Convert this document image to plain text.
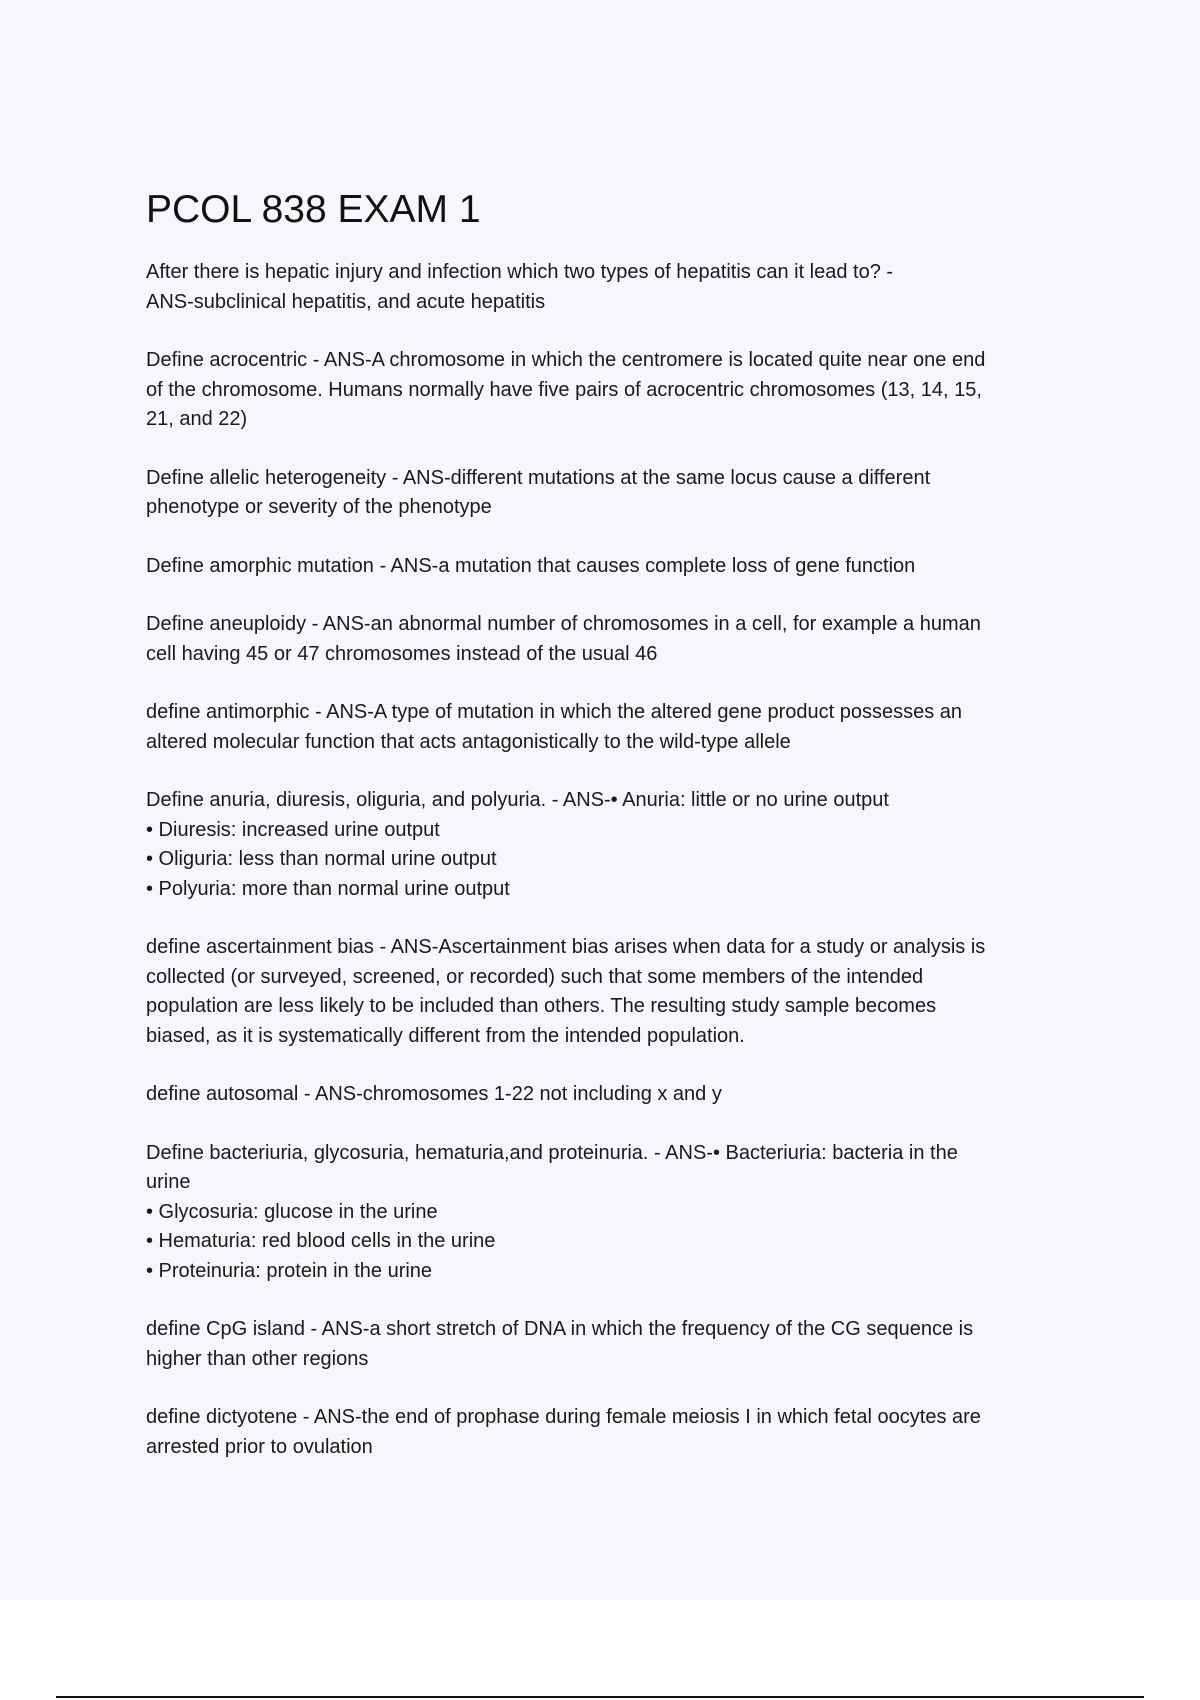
PCOL 838 EXAM 1
After there is hepatic injury and infection which two types of hepatitis can it lead to? -
ANS-subclinical hepatitis, and acute hepatitis
Define acrocentric - ANS-A chromosome in which the centromere is located quite near one end
of the chromosome. Humans normally have five pairs of acrocentric chromosomes (13, 14, 15,
21, and 22)
Define allelic heterogeneity - ANS-different mutations at the same locus cause a different
phenotype or severity of the phenotype
Define amorphic mutation - ANS-a mutation that causes complete loss of gene function
Define aneuploidy - ANS-an abnormal number of chromosomes in a cell, for example a human
cell having 45 or 47 chromosomes instead of the usual 46
define antimorphic - ANS-A type of mutation in which the altered gene product possesses an
altered molecular function that acts antagonistically to the wild-type allele
Define anuria, diuresis, oliguria, and polyuria. - ANS-• Anuria: little or no urine output
• Diuresis: increased urine output
• Oliguria: less than normal urine output
• Polyuria: more than normal urine output
define ascertainment bias - ANS-Ascertainment bias arises when data for a study or analysis is
collected (or surveyed, screened, or recorded) such that some members of the intended
population are less likely to be included than others. The resulting study sample becomes
biased, as it is systematically different from the intended population.
define autosomal - ANS-chromosomes 1-22 not including x and y
Define bacteriuria, glycosuria, hematuria,and proteinuria. - ANS-• Bacteriuria: bacteria in the
urine
• Glycosuria: glucose in the urine
• Hematuria: red blood cells in the urine
• Proteinuria: protein in the urine
define CpG island - ANS-a short stretch of DNA in which the frequency of the CG sequence is
higher than other regions
define dictyotene - ANS-the end of prophase during female meiosis I in which fetal oocytes are
arrested prior to ovulation
